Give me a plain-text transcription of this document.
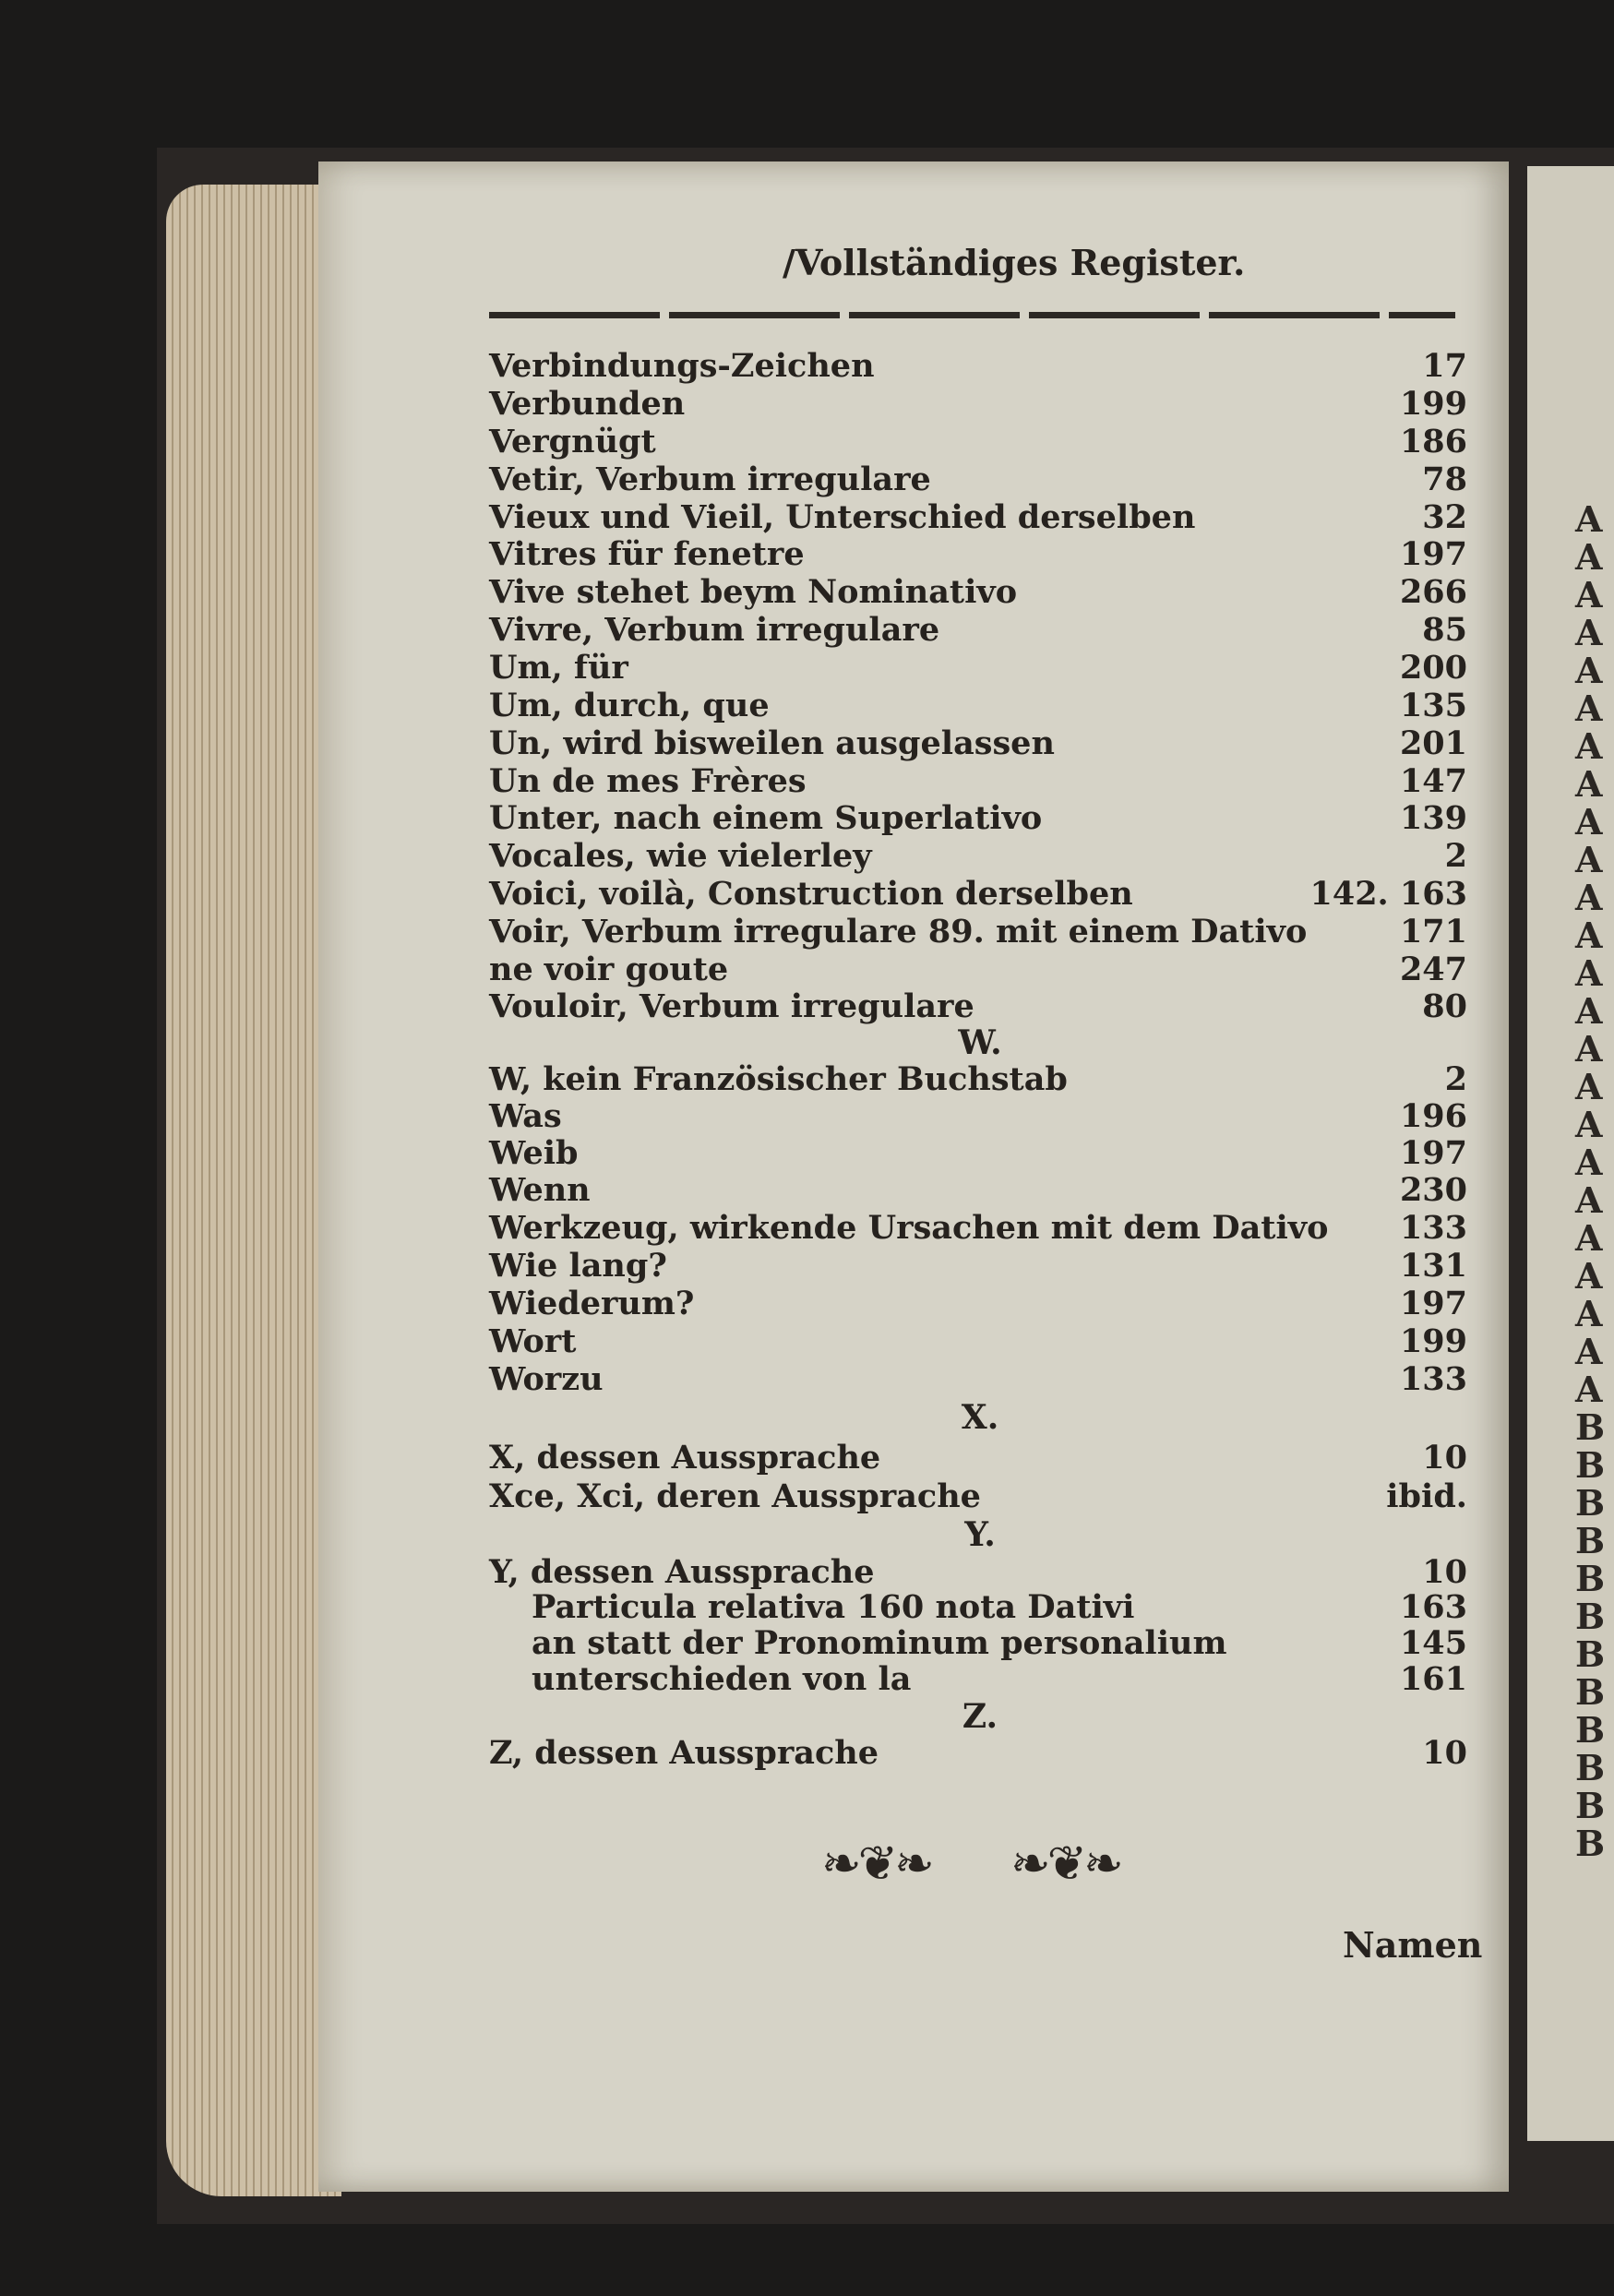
A
A
A
A
A
A
A
A
A
A
A
A
A
A
A
A
A
A
A
A
A
A
A
A
B
B
B
B
B
B
B
B
B
B
B
B
/Vollständiges Register.
Verbindungs-Zeichen	17
Verbunden	199
Vergnügt	186
Vetir, Verbum irregulare	78
Vieux und Vieil, Unterschied derselben	32
Vitres für fenetre	197
Vive stehet beym Nominativo	266
Vivre, Verbum irregulare	85
Um, für	200
Um, durch, que	135
Un, wird bisweilen ausgelassen	201
Un de mes Frères	147
Unter, nach einem Superlativo	139
Vocales, wie vielerley	2
Voici, voilà, Construction derselben	142. 163
Voir, Verbum irregulare 89. mit einem Dativo	171
ne voir goute	247
Vouloir, Verbum irregulare	80
W.
W, kein Französischer Buchstab	2
Was	196
Weib	197
Wenn	230
Werkzeug, wirkende Ursachen mit dem Dativo 133
Wie lang?	131
Wiederum?	197
Wort	199
Worzu	133
X.
X, dessen Aussprache	10
Xce, Xci, deren Aussprache	ibid.
Y.
Y, dessen Aussprache	10
Particula relativa 160 nota Dativi	163
an statt der Pronominum personalium	145
unterschieden von la	161
Z.
Z, dessen Aussprache	10
❧❦❧ ❧❦❧
Namen
